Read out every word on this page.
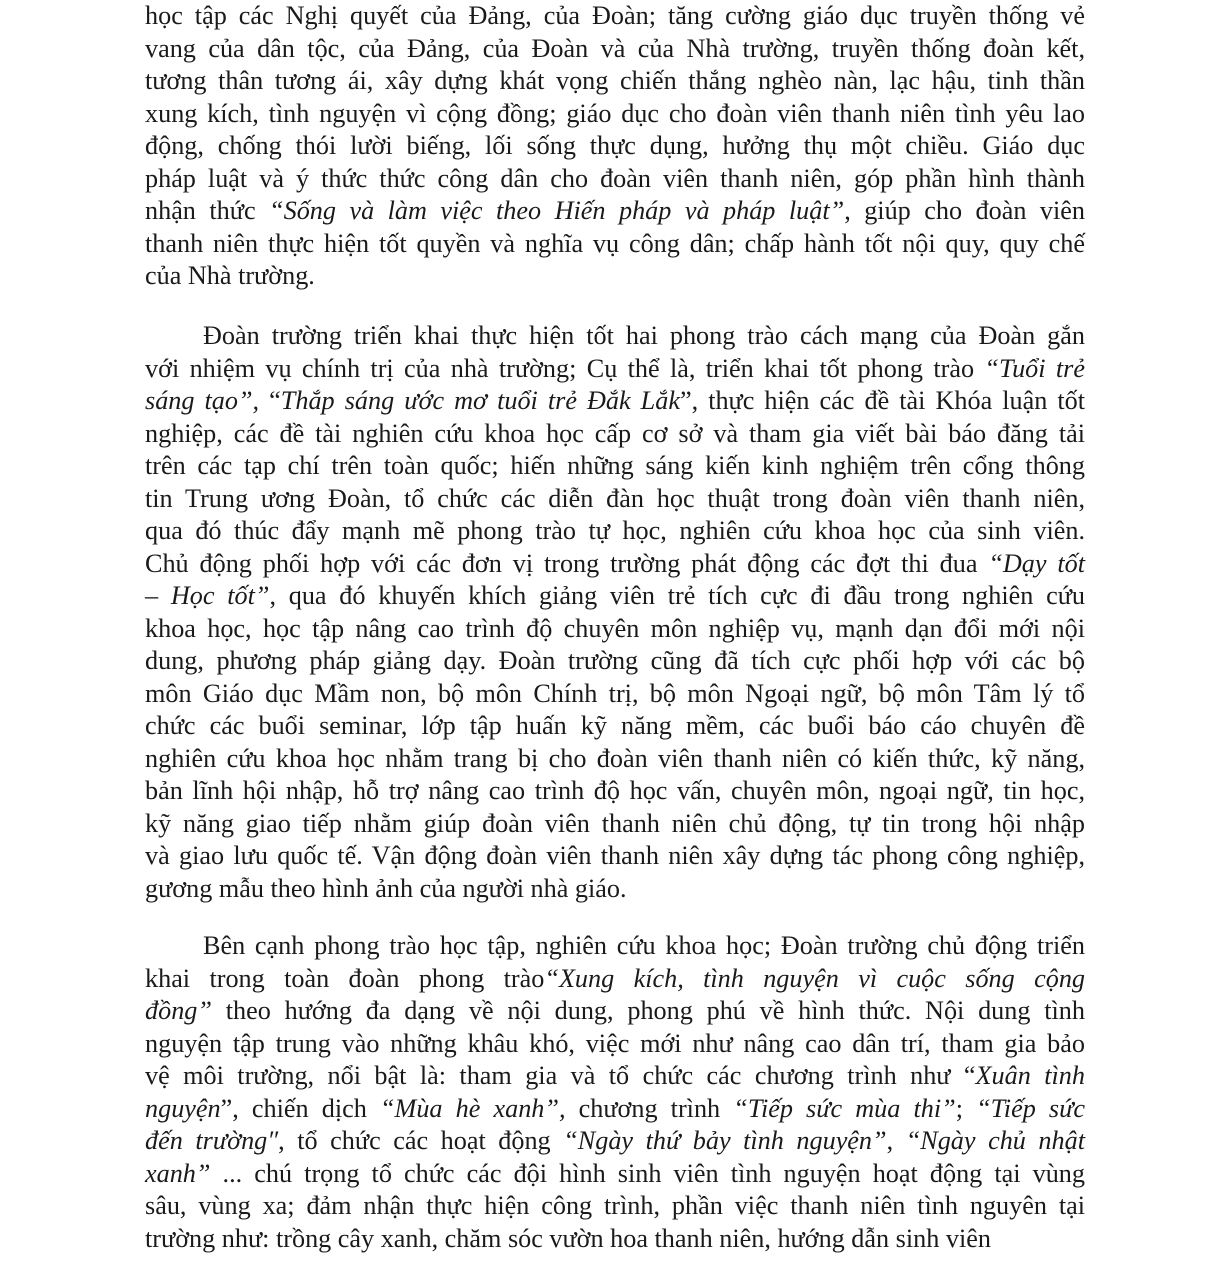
học tập các Nghị quyết của Đảng, của Đoàn; tăng cường giáo dục truyền thống vẻ
vang của dân tộc, của Đảng, của Đoàn và của Nhà trường, truyền thống đoàn kết,
tương thân tương ái, xây dựng khát vọng chiến thắng nghèo nàn, lạc hậu, tinh thần
xung kích, tình nguyện vì cộng đồng; giáo dục cho đoàn viên thanh niên tình yêu lao
động, chống thói lười biếng, lối sống thực dụng, hưởng thụ một chiều. Giáo dục
pháp luật và ý thức thức công dân cho đoàn viên thanh niên, góp phần hình thành
nhận thức “Sống và làm việc theo Hiến pháp và pháp luật”, giúp cho đoàn viên
thanh niên thực hiện tốt quyền và nghĩa vụ công dân; chấp hành tốt nội quy, quy chế
của Nhà trường.
Đoàn trường triển khai thực hiện tốt hai phong trào cách mạng của Đoàn gắn
với nhiệm vụ chính trị của nhà trường; Cụ thể là, triển khai tốt phong trào “Tuổi trẻ
sáng tạo”, “Thắp sáng ước mơ tuổi trẻ Đắk Lắk”, thực hiện các đề tài Khóa luận tốt
nghiệp, các đề tài nghiên cứu khoa học cấp cơ sở và tham gia viết bài báo đăng tải
trên các tạp chí trên toàn quốc; hiến những sáng kiến kinh nghiệm trên cổng thông
tin Trung ương Đoàn, tổ chức các diễn đàn học thuật trong đoàn viên thanh niên,
qua đó thúc đẩy mạnh mẽ phong trào tự học, nghiên cứu khoa học của sinh viên.
Chủ động phối hợp với các đơn vị trong trường phát động các đợt thi đua “Dạy tốt
– Học tốt”, qua đó khuyến khích giảng viên trẻ tích cực đi đầu trong nghiên cứu
khoa học, học tập nâng cao trình độ chuyên môn nghiệp vụ, mạnh dạn đổi mới nội
dung, phương pháp giảng dạy. Đoàn trường cũng đã tích cực phối hợp với các bộ
môn Giáo dục Mầm non, bộ môn Chính trị, bộ môn Ngoại ngữ, bộ môn Tâm lý tổ
chức các buổi seminar, lớp tập huấn kỹ năng mềm, các buổi báo cáo chuyên đề
nghiên cứu khoa học nhằm trang bị cho đoàn viên thanh niên có kiến thức, kỹ năng,
bản lĩnh hội nhập, hỗ trợ nâng cao trình độ học vấn, chuyên môn, ngoại ngữ, tin học,
kỹ năng giao tiếp nhằm giúp đoàn viên thanh niên chủ động, tự tin trong hội nhập
và giao lưu quốc tế. Vận động đoàn viên thanh niên xây dựng tác phong công nghiệp,
gương mẫu theo hình ảnh của người nhà giáo.
Bên cạnh phong trào học tập, nghiên cứu khoa học; Đoàn trường chủ động triển
khai trong toàn đoàn phong trào“Xung kích, tình nguyện vì cuộc sống cộng
đồng” theo hướng đa dạng về nội dung, phong phú về hình thức. Nội dung tình
nguyện tập trung vào những khâu khó, việc mới như nâng cao dân trí, tham gia bảo
vệ môi trường, nổi bật là: tham gia và tổ chức các chương trình như “Xuân tình
nguyện”, chiến dịch “Mùa hè xanh”, chương trình “Tiếp sức mùa thi”; “Tiếp sức
đến trường″, tổ chức các hoạt động “Ngày thứ bảy tình nguyện”, “Ngày chủ nhật
xanh” ... chú trọng tổ chức các đội hình sinh viên tình nguyện hoạt động tại vùng
sâu, vùng xa; đảm nhận thực hiện công trình, phần việc thanh niên tình nguyên tại
trường như: trồng cây xanh, chăm sóc vườn hoa thanh niên, hướng dẫn sinh viên
